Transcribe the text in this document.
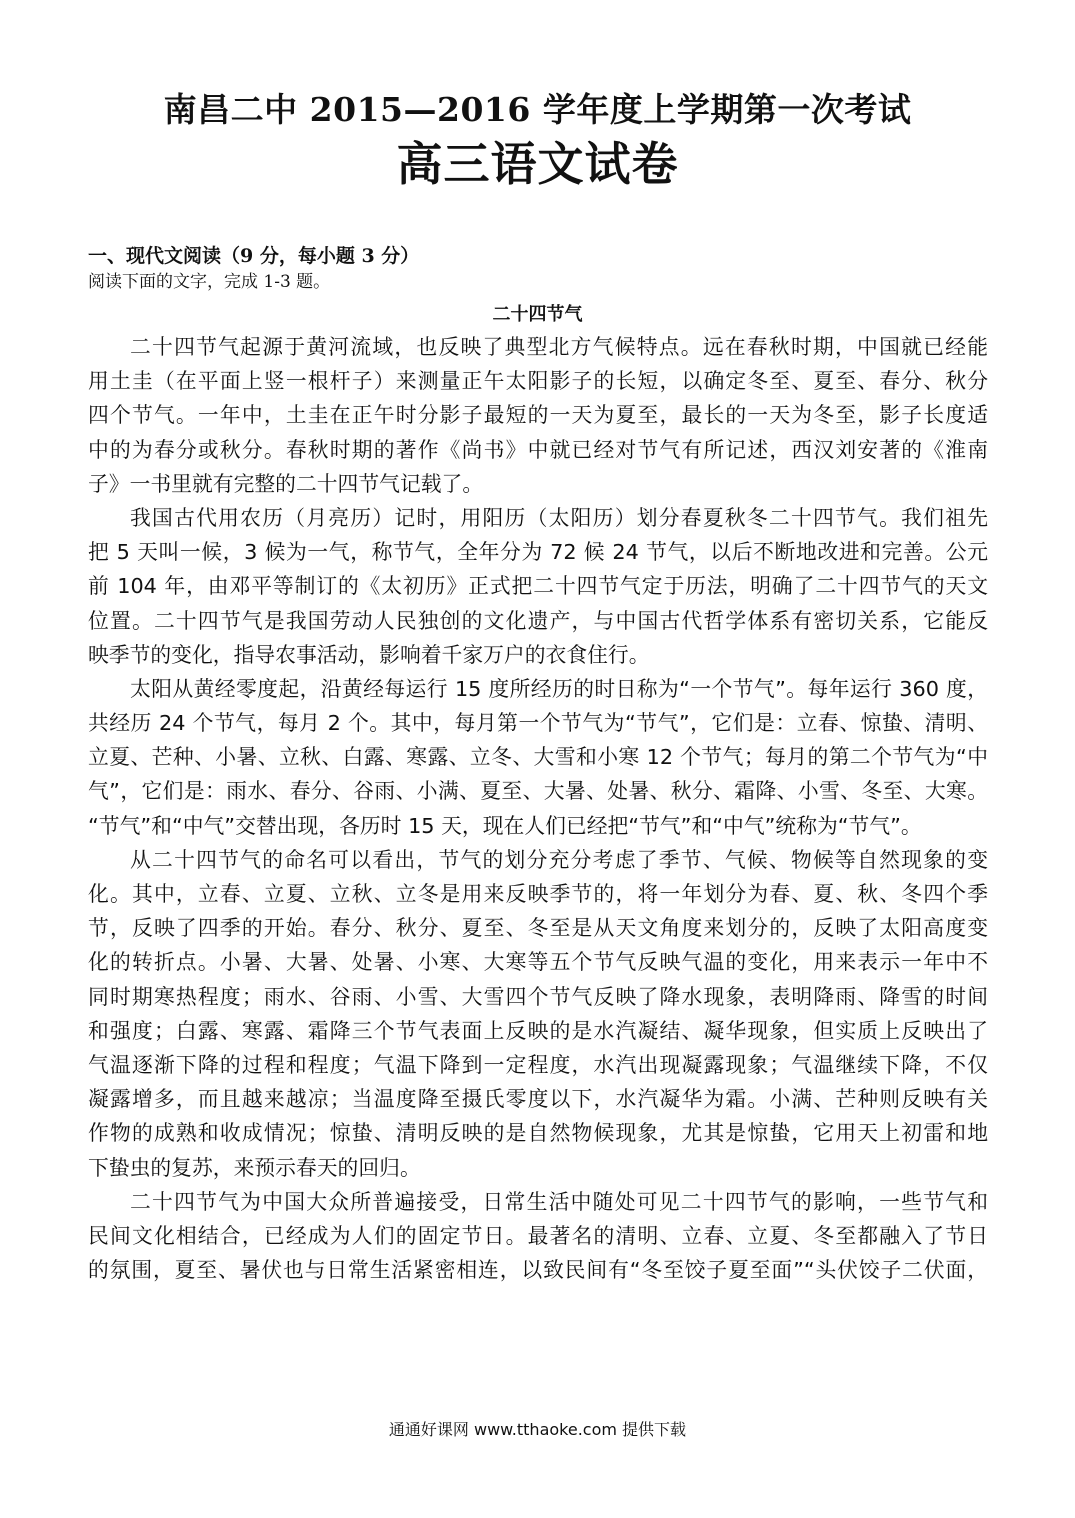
南昌二中 2015—2016 学年度上学期第一次考试
高三语文试卷
一、现代文阅读（9 分，每小题 3 分）
阅读下面的文字，完成 1-3 题。
二十四节气
二十四节气起源于黄河流域，也反映了典型北方气候特点。远在春秋时期，中国就已经能
用土圭（在平面上竖一根杆子）来测量正午太阳影子的长短，以确定冬至、夏至、春分、秋分
四个节气。一年中，土圭在正午时分影子最短的一天为夏至，最长的一天为冬至，影子长度适
中的为春分或秋分。春秋时期的著作《尚书》中就已经对节气有所记述，西汉刘安著的《淮南
子》一书里就有完整的二十四节气记载了。
我国古代用农历（月亮历）记时，用阳历（太阳历）划分春夏秋冬二十四节气。我们祖先
把 5 天叫一候，3 候为一气，称节气，全年分为 72 候 24 节气，以后不断地改进和完善。公元
前 104 年，由邓平等制订的《太初历》正式把二十四节气定于历法，明确了二十四节气的天文
位置。二十四节气是我国劳动人民独创的文化遗产，与中国古代哲学体系有密切关系，它能反
映季节的变化，指导农事活动，影响着千家万户的衣食住行。
太阳从黄经零度起，沿黄经每运行 15 度所经历的时日称为“一个节气”。每年运行 360 度，
共经历 24 个节气，每月 2 个。其中，每月第一个节气为“节气”，它们是：立春、惊蛰、清明、
立夏、芒种、小暑、立秋、白露、寒露、立冬、大雪和小寒 12 个节气；每月的第二个节气为“中
气”，它们是：雨水、春分、谷雨、小满、夏至、大暑、处暑、秋分、霜降、小雪、冬至、大寒。
“节气”和“中气”交替出现，各历时 15 天，现在人们已经把“节气”和“中气”统称为“节气”。
从二十四节气的命名可以看出，节气的划分充分考虑了季节、气候、物候等自然现象的变
化。其中，立春、立夏、立秋、立冬是用来反映季节的，将一年划分为春、夏、秋、冬四个季
节，反映了四季的开始。春分、秋分、夏至、冬至是从天文角度来划分的，反映了太阳高度变
化的转折点。小暑、大暑、处暑、小寒、大寒等五个节气反映气温的变化，用来表示一年中不
同时期寒热程度；雨水、谷雨、小雪、大雪四个节气反映了降水现象，表明降雨、降雪的时间
和强度；白露、寒露、霜降三个节气表面上反映的是水汽凝结、凝华现象，但实质上反映出了
气温逐渐下降的过程和程度；气温下降到一定程度，水汽出现凝露现象；气温继续下降，不仅
凝露增多，而且越来越凉；当温度降至摄氏零度以下，水汽凝华为霜。小满、芒种则反映有关
作物的成熟和收成情况；惊蛰、清明反映的是自然物候现象，尤其是惊蛰，它用天上初雷和地
下蛰虫的复苏，来预示春天的回归。
二十四节气为中国大众所普遍接受，日常生活中随处可见二十四节气的影响，一些节气和
民间文化相结合，已经成为人们的固定节日。最著名的清明、立春、立夏、冬至都融入了节日
的氛围，夏至、暑伏也与日常生活紧密相连，以致民间有“冬至饺子夏至面”“头伏饺子二伏面，
通通好课网 www.tthaoke.com 提供下载
